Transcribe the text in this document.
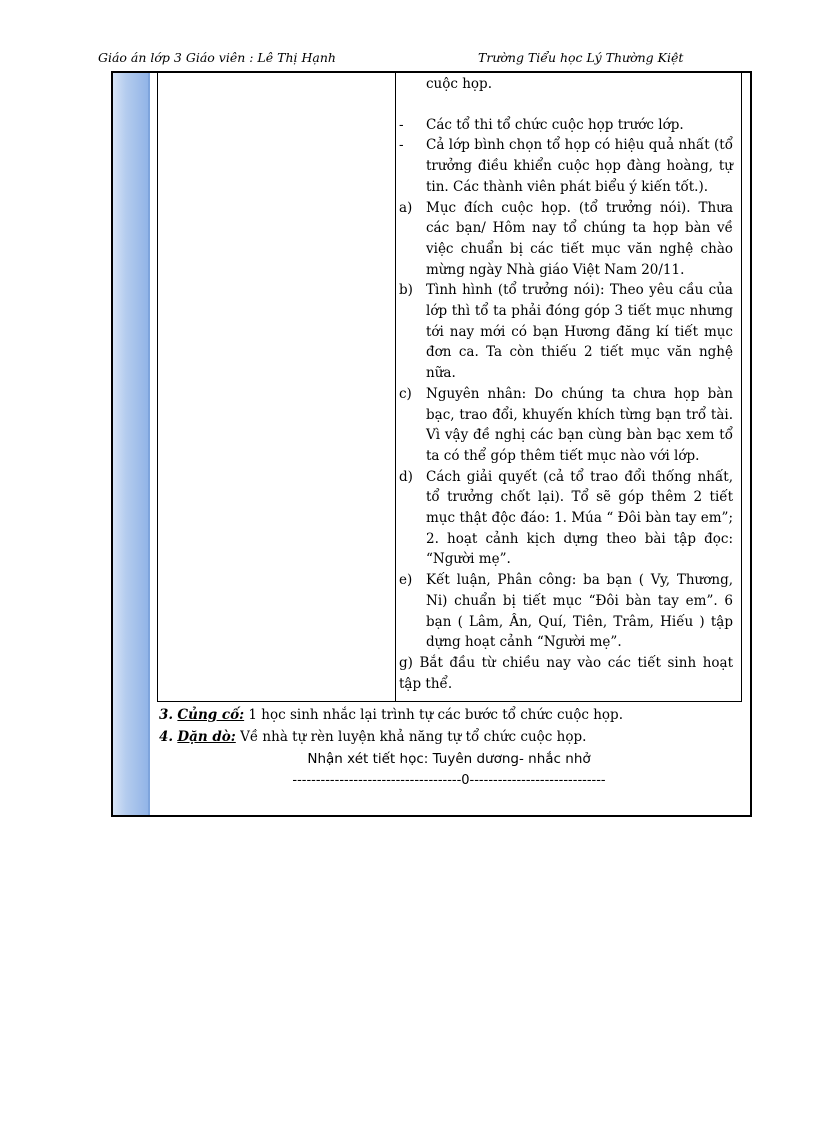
Giáo án lớp 3 Giáo viên : Lê Thị Hạnh	Trường Tiểu học Lý Thường Kiệt
cuộc họp.
-	Các tổ thi tổ chức cuộc họp trước lớp.
-	Cả lớp bình chọn tổ họp có hiệu quả nhất (tổ trưởng điều khiển cuộc họp đàng hoàng, tự tin. Các thành viên phát biểu ý kiến tốt.).
a)	Mục đích cuộc họp. (tổ trưởng nói). Thưa các bạn/ Hôm nay tổ chúng ta họp bàn về việc chuẩn bị các tiết mục văn nghệ chào mừng ngày Nhà giáo Việt Nam 20/11.
b) Tình hình (tổ trưởng nói): Theo yêu cầu của lớp thì tổ ta phải đóng góp 3 tiết mục nhưng tới nay mới có bạn Hương đăng kí tiết mục đơn ca. Ta còn thiếu 2 tiết mục văn nghệ nữa.
c)	Nguyên nhân: Do chúng ta chưa họp bàn bạc, trao đổi, khuyến khích từng bạn trổ tài. Vì vậy đề nghị các bạn cùng bàn bạc xem tổ ta có thể góp thêm tiết mục nào với lớp.
d) Cách giải quyết (cả tổ trao đổi thống nhất, tổ trưởng chốt lại). Tổ sẽ góp thêm 2 tiết mục thật độc đáo: 1. Múa “ Đôi bàn tay em”; 2. hoạt cảnh kịch dựng theo bài tập đọc: “Người mẹ”.
e)	Kết luận, Phân công: ba bạn ( Vy, Thương, Ni) chuẩn bị tiết mục “Đôi bàn tay em”. 6 bạn ( Lâm, Ân, Quí, Tiên, Trâm, Hiếu ) tập dựng hoạt cảnh “Người mẹ”.
g) Bắt đầu từ chiều nay vào các tiết sinh hoạt tập thể.
3. Củng cố: 1 học sinh nhắc lại trình tự các bước tổ chức cuộc họp.
4. Dặn dò: Về nhà tự rèn luyện khả năng tự tổ chức cuộc họp.
Nhận xét tiết học: Tuyên dương- nhắc nhở
------------------------------------0-----------------------------
